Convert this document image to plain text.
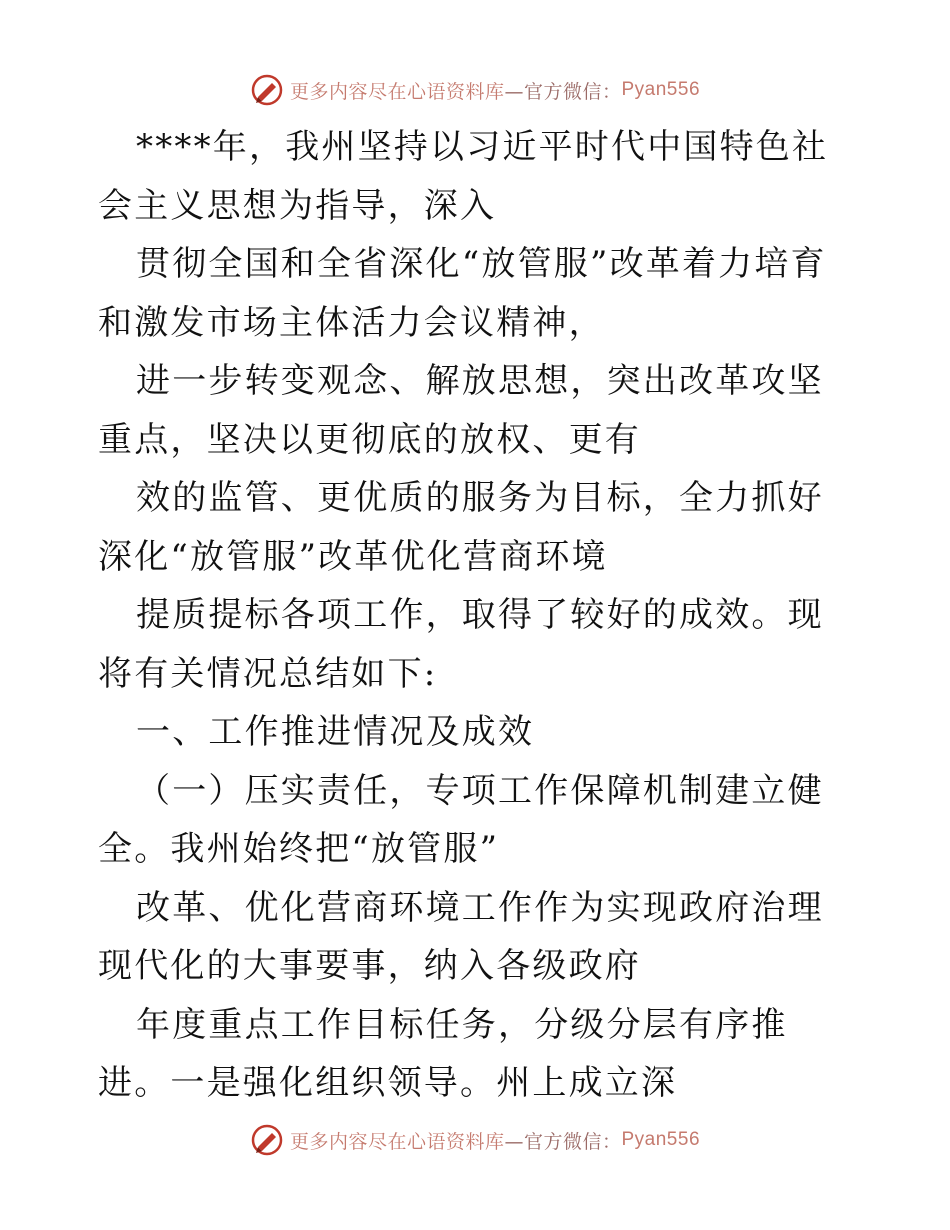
更多内容尽在心语资料库 —官方微信： Pyan556

****年，我州坚持以习近平时代中国特色社会主义思想为指导，深入

贯彻全国和全省深化“放管服”改革着力培育和激发市场主体活力会议精神，

进一步转变观念、解放思想，突出改革攻坚重点，坚决以更彻底的放权、更有

效的监管、更优质的服务为目标，全力抓好深化“放管服”改革优化营商环境

提质提标各项工作，取得了较好的成效。现将有关情况总结如下:

一、工作推进情况及成效

（一）压实责任，专项工作保障机制建立健全。我州始终把“放管服”

改革、优化营商环境工作作为实现政府治理现代化的大事要事，纳入各级政府

年度重点工作目标任务，分级分层有序推进。一是强化组织领导。州上成立深

更多内容尽在心语资料库 —官方微信： Pyan556
